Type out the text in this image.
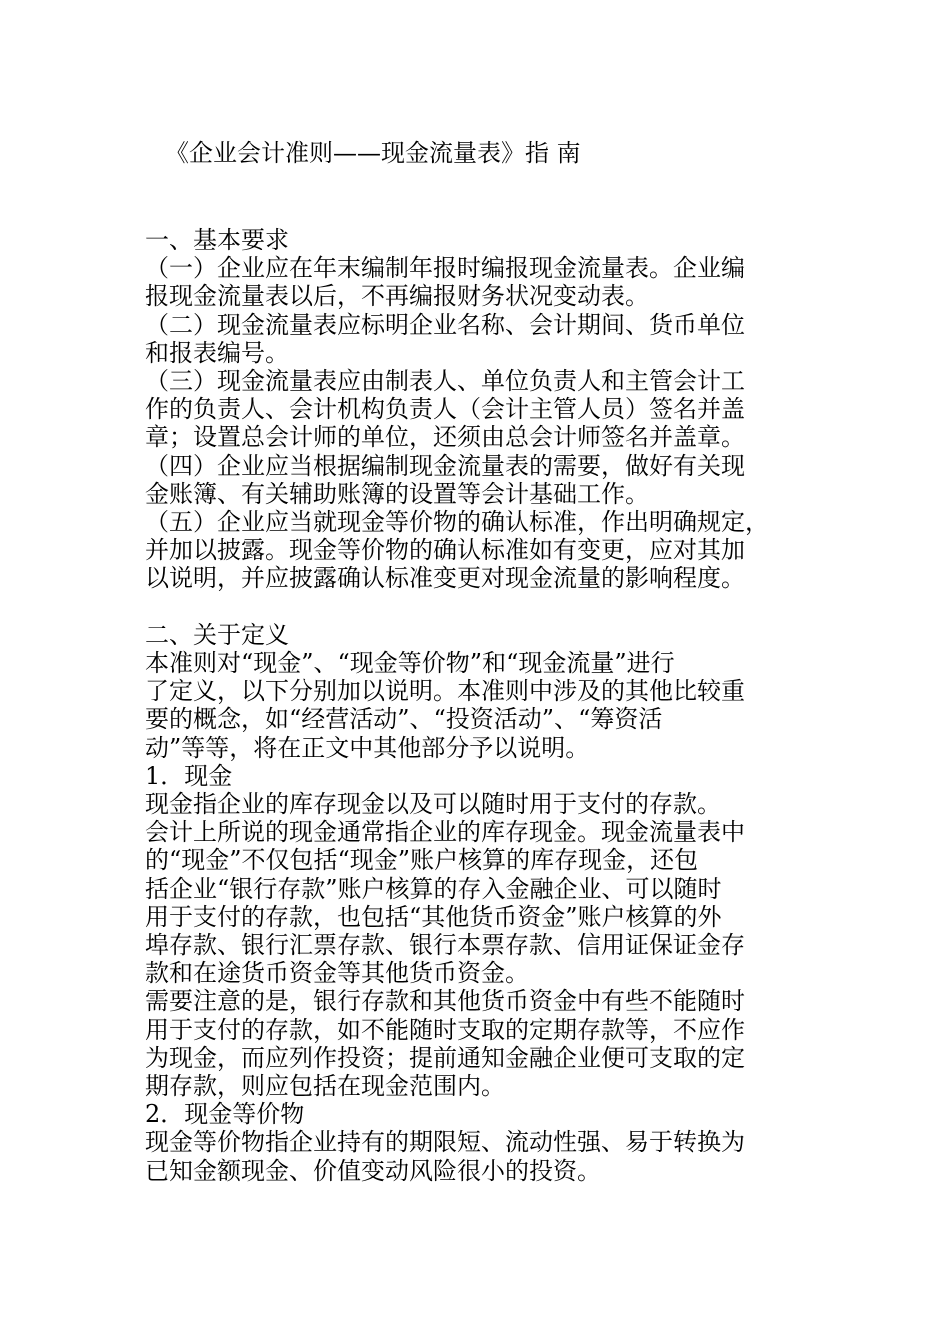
《企业会计准则——现金流量表》指 南

一、基本要求

（一）企业应在年末编制年报时编报现金流量表。企业编

报现金流量表以后，不再编报财务状况变动表。

（二）现金流量表应标明企业名称、会计期间、货币单位

和报表编号。

（三）现金流量表应由制表人、单位负责人和主管会计工

作的负责人、会计机构负责人（会计主管人员）签名并盖

章；设置总会计师的单位，还须由总会计师签名并盖章。

（四）企业应当根据编制现金流量表的需要，做好有关现

金账簿、有关辅助账簿的设置等会计基础工作。

（五）企业应当就现金等价物的确认标准，作出明确规定，

并加以披露。现金等价物的确认标准如有变更，应对其加

以说明，并应披露确认标准变更对现金流量的影响程度。

二、关于定义

本准则对“现金”、“现金等价物”和“现金流量”进行

了定义，以下分别加以说明。本准则中涉及的其他比较重

要的概念，如“经营活动”、“投资活动”、“筹资活

动”等等，将在正文中其他部分予以说明。

1．现金

现金指企业的库存现金以及可以随时用于支付的存款。

会计上所说的现金通常指企业的库存现金。现金流量表中

的“现金”不仅包括“现金”账户核算的库存现金，还包

括企业“银行存款”账户核算的存入金融企业、可以随时

用于支付的存款，也包括“其他货币资金”账户核算的外

埠存款、银行汇票存款、银行本票存款、信用证保证金存

款和在途货币资金等其他货币资金。

需要注意的是，银行存款和其他货币资金中有些不能随时

用于支付的存款，如不能随时支取的定期存款等，不应作

为现金，而应列作投资；提前通知金融企业便可支取的定

期存款，则应包括在现金范围内。

2．现金等价物

现金等价物指企业持有的期限短、流动性强、易于转换为

已知金额现金、价值变动风险很小的投资。
